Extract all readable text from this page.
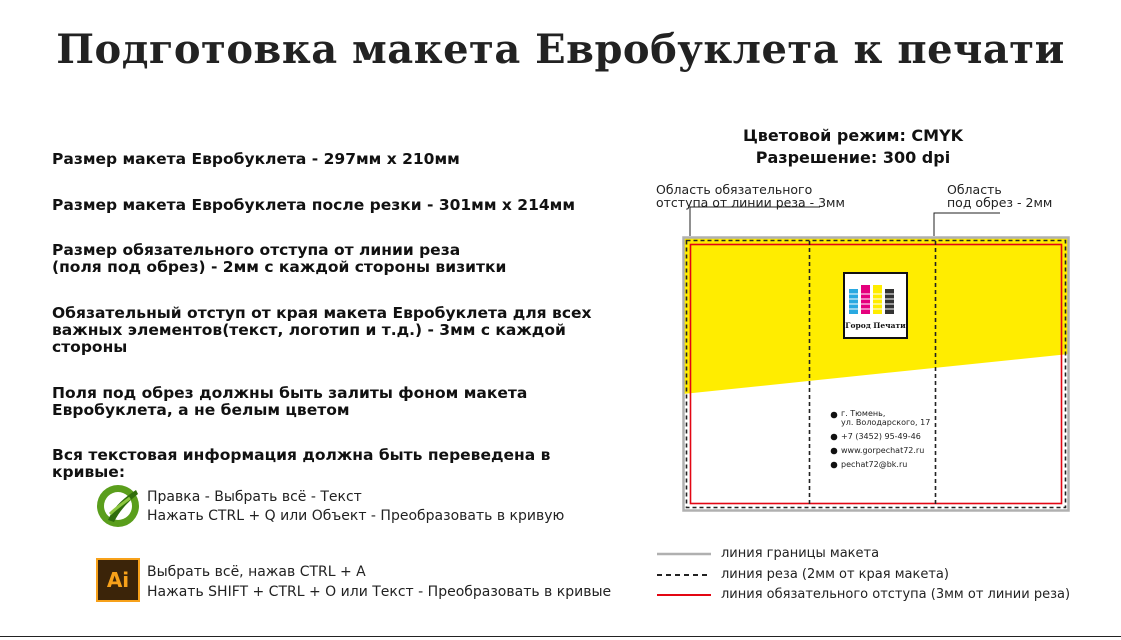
Подготовка макета Евробуклета к печати
Размер макета Евробуклета - 297мм х 210мм
Размер макета Евробуклета после резки - 301мм х 214мм
Размер обязательного отступа от линии реза
(поля под обрез) - 2мм с каждой стороны визитки
Обязательный отступ от края макета Евробуклета для всех
важных элементов(текст, логотип и т.д.) - 3мм с каждой
стороны
Поля под обрез должны быть залиты фоном макета
Евробуклета, а не белым цветом
Вся текстовая информация должна быть переведена в
кривые:
Правка - Выбрать всё - Текст
Нажать CTRL + Q или Объект - Преобразовать в кривую
Ai	Выбрать всё, нажав CTRL + A
Нажать SHIFT + CTRL + O или Текст - Преобразовать в кривые
Цветовой режим: CMYK
Разрешение: 300 dpi
Область обязательного
отступа от линии реза - 3мм
Область
под обрез - 2мм
Город Печати
г. Тюмень,
ул. Володарского, 17
+7 (3452) 95-49-46
www.gorpechat72.ru
pechat72@bk.ru
линия границы макета
линия реза (2мм от края макета)
линия обязательного отступа (3мм от линии реза)
